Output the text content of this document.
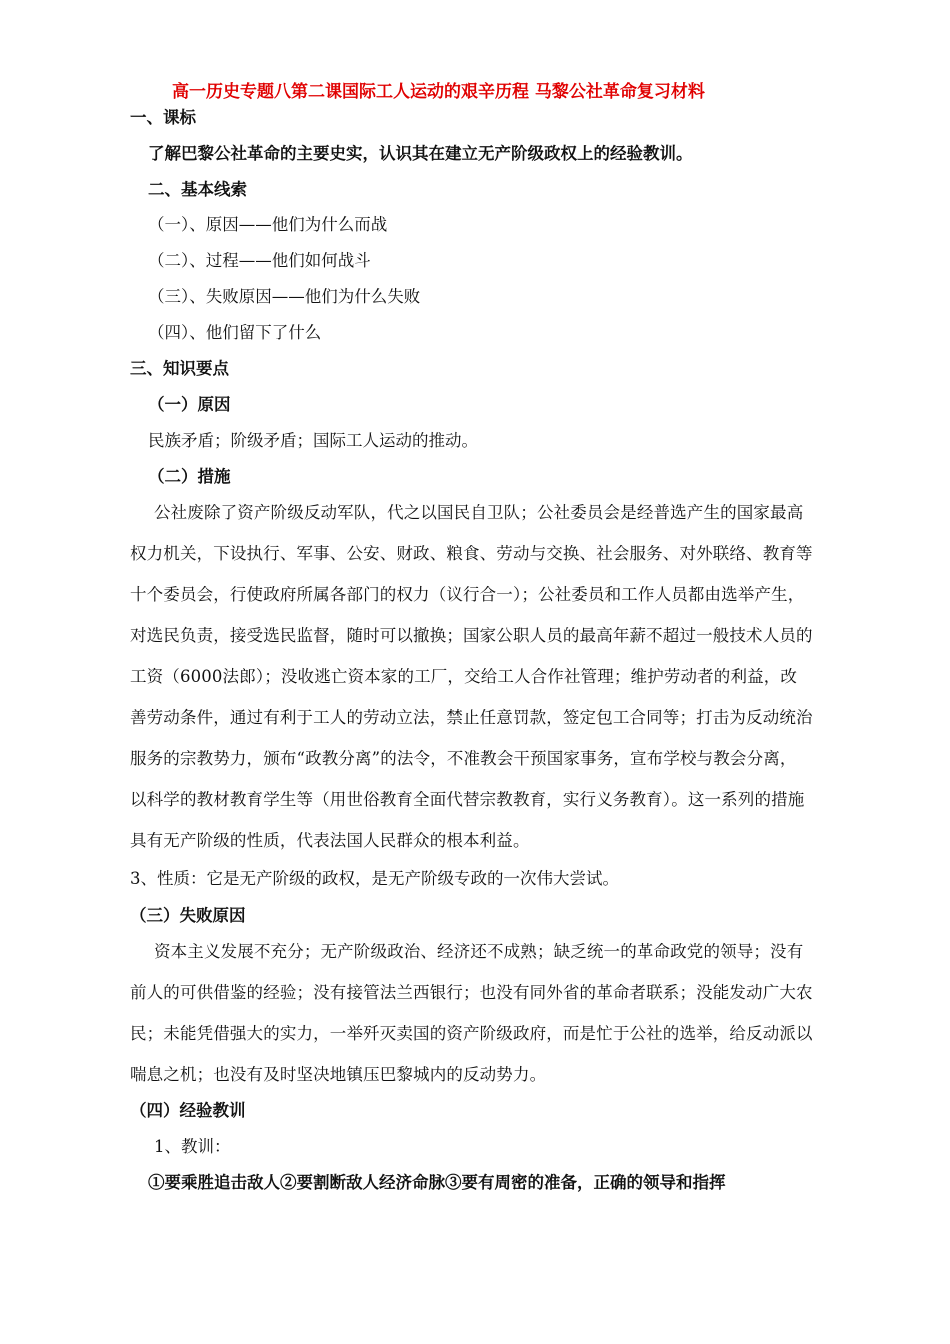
高一历史专题八第二课国际工人运动的艰辛历程 马黎公社革命复习材料
一、课标
了解巴黎公社革命的主要史实，认识其在建立无产阶级政权上的经验教训。
二、基本线索
（一）、原因——他们为什么而战
（二）、过程——他们如何战斗
（三）、失败原因——他们为什么失败
（四）、他们留下了什么
三、知识要点
（一）原因
民族矛盾；阶级矛盾；国际工人运动的推动。
（二）措施
公社废除了资产阶级反动军队，代之以国民自卫队；公社委员会是经普选产生的国家最高
权力机关，下设执行、军事、公安、财政、粮食、劳动与交换、社会服务、对外联络、教育等
十个委员会，行使政府所属各部门的权力（议行合一）；公社委员和工作人员都由选举产生，
对选民负责，接受选民监督，随时可以撤换；国家公职人员的最高年薪不超过一般技术人员的
工资（6000法郎）；没收逃亡资本家的工厂，交给工人合作社管理；维护劳动者的利益，改
善劳动条件，通过有利于工人的劳动立法，禁止任意罚款，签定包工合同等；打击为反动统治
服务的宗教势力，颁布“政教分离”的法令，不准教会干预国家事务，宣布学校与教会分离，
以科学的教材教育学生等（用世俗教育全面代替宗教教育，实行义务教育）。这一系列的措施
具有无产阶级的性质，代表法国人民群众的根本利益。
3、性质：它是无产阶级的政权，是无产阶级专政的一次伟大尝试。
（三）失败原因
资本主义发展不充分；无产阶级政治、经济还不成熟；缺乏统一的革命政党的领导；没有
前人的可供借鉴的经验；没有接管法兰西银行；也没有同外省的革命者联系；没能发动广大农
民；未能凭借强大的实力，一举歼灭卖国的资产阶级政府，而是忙于公社的选举，给反动派以
喘息之机；也没有及时坚决地镇压巴黎城内的反动势力。
（四）经验教训
1、教训：
①要乘胜追击敌人②要割断敌人经济命脉③要有周密的准备，正确的领导和指挥
